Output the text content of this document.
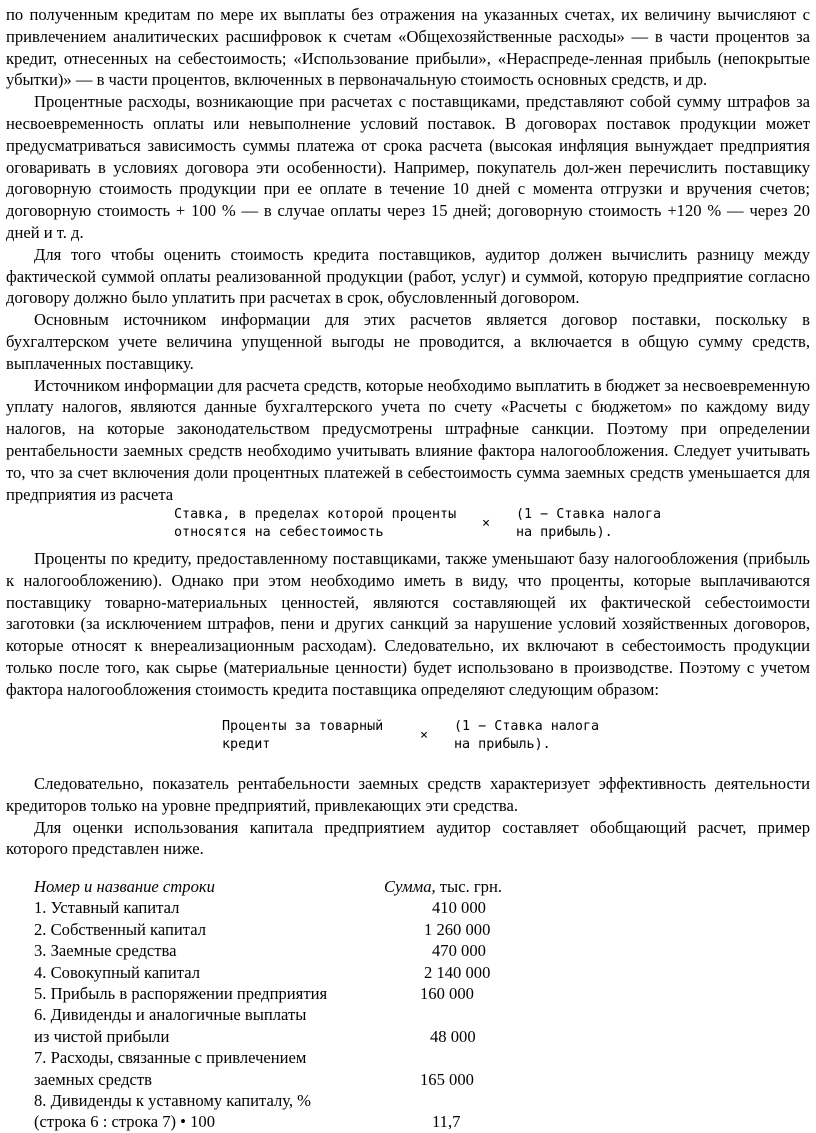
по полученным кредитам по мере их выплаты без отражения на указанных счетах, их величину вычисляют с привлечением аналитических расшифровок к счетам «Общехозяйственные расходы» — в части процентов за кредит, отнесенных на себестоимость; «Использование прибыли», «Нераспреде-ленная прибыль (непокрытые убытки)» — в части процентов, включенных в первоначальную стоимость основных средств, и др.

Процентные расходы, возникающие при расчетах с поставщиками, представляют собой сумму штрафов за несвоевременность оплаты или невыполнение условий поставок. В договорах поставок продукции может предусматриваться зависимость суммы платежа от срока расчета (высокая инфляция вынуждает предприятия оговаривать в условиях договора эти особенности). Например, покупатель дол-жен перечислить поставщику договорную стоимость продукции при ее оплате в течение 10 дней с момента отгрузки и вручения счетов; договорную стоимость + 100 % — в случае оплаты через 15 дней; договорную стоимость +120 % — через 20 дней и т. д.

Для того чтобы оценить стоимость кредита поставщиков, аудитор должен вычислить разницу между фактической суммой оплаты реализованной продукции (работ, услуг) и суммой, которую предприятие согласно договору должно было уплатить при расчетах в срок, обусловленный договором.

Основным источником информации для этих расчетов является договор поставки, поскольку в бухгалтерском учете величина упущенной выгоды не проводится, а включается в общую сумму средств, выплаченных поставщику.

Источником информации для расчета средств, которые необходимо выплатить в бюджет за несвоевременную уплату налогов, являются данные бухгалтерского учета по счету «Расчеты с бюджетом» по каждому виду налогов, на которые законодательством предусмотрены штрафные санкции. Поэтому при определении рентабельности заемных средств необходимо учитывать влияние фактора налогообложения. Следует учитывать то, что за счет включения доли процентных платежей в себестоимость сумма заемных средств уменьшается для предприятия из расчета

Ставка, в пределах которой проценты
относятся на себестоимость
×
(1 − Ставка налога
на прибыль).

Проценты по кредиту, предоставленному поставщиками, также уменьшают базу налогообложения (прибыль к налогообложению). Однако при этом необходимо иметь в виду, что проценты, которые выплачиваются поставщику товарно-материальных ценностей, являются составляющей их фактической себестоимости заготовки (за исключением штрафов, пени и других санкций за нарушение условий хозяйственных договоров, которые относят к внереализационным расходам). Следовательно, их включают в себестоимость продукции только после того, как сырье (материальные ценности) будет использовано в производстве. Поэтому с учетом фактора налогообложения стоимость кредита поставщика определяют следующим образом:

Проценты за товарный
кредит
×
(1 − Ставка налога
на прибыль).

Следовательно, показатель рентабельности заемных средств характеризует эффективность деятельности кредиторов только на уровне предприятий, привлекающих эти средства.

Для оценки использования капитала предприятием аудитор составляет обобщающий расчет, пример которого представлен ниже.

Номер и название строки	Сумма, тыс. грн.
1. Уставный капитал	410 000
2. Собственный капитал	1 260 000
3. Заемные средства	470 000
4. Совокупный капитал	2 140 000
5. Прибыль в распоряжении предприятия	160 000
6. Дивиденды и аналогичные выплаты
из чистой прибыли	48 000
7. Расходы, связанные с привлечением
заемных средств	165 000
8. Дивиденды к уставному капиталу, %
(строка 6 : строка 7) • 100	11,7
